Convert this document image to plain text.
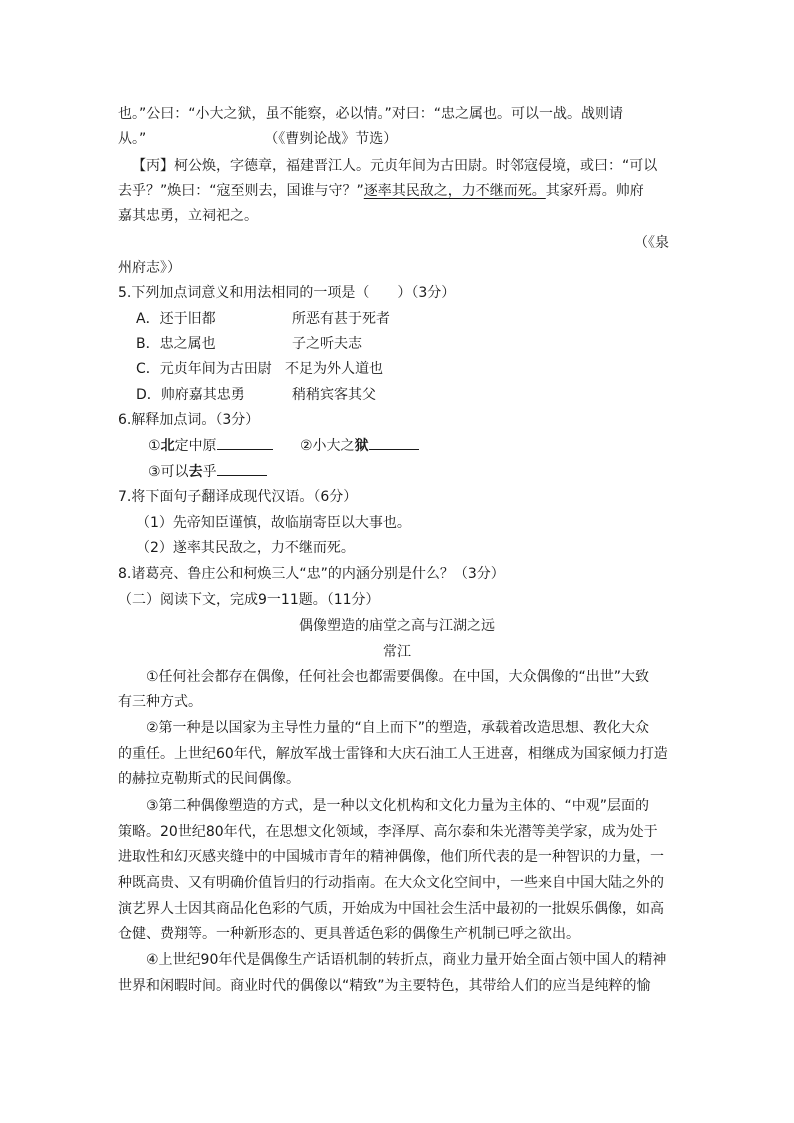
也。”公曰：“小大之狱，虽不能察，必以情。”对曰：“忠之属也。可以一战。战则请
从。”	（《曹刿论战》节选）
【丙】柯公焕，字德章，福建晋江人。元贞年间为古田尉。时邻寇侵境，或曰：“可以
去乎？”焕曰：“寇至则去，国谁与守？”逐率其民敌之，力不继而死。其家歼焉。帅府
嘉其忠勇，立祠祀之。
（《泉
州府志》）
5.下列加点词意义和用法相同的一项是（　　）（3分）
A．还于旧都	所恶有甚于死者
B．忠之属也	子之听夫志
C．元贞年间为古田尉 不足为外人道也
D．帅府嘉其忠勇	稍稍宾客其父
6.解释加点词。（3分）
①北定中原	②小大之狱
③可以去乎
7.将下面句子翻译成现代汉语。（6分）
（1）先帝知臣谨慎，故临崩寄臣以大事也。
（2）遂率其民敌之，力不继而死。
8.诸葛亮、鲁庄公和柯焕三人“忠”的内涵分别是什么？（3分）
（二）阅读下文，完成9一11题。（11分）
偶像塑造的庙堂之高与江湖之远
常江
①任何社会都存在偶像，任何社会也都需要偶像。在中国，大众偶像的“出世”大致
有三种方式。
②第一种是以国家为主导性力量的“自上而下”的塑造，承载着改造思想、教化大众
的重任。上世纪60年代，解放军战士雷锋和大庆石油工人王进喜，相继成为国家倾力打造
的赫拉克勒斯式的民间偶像。
③第二种偶像塑造的方式，是一种以文化机构和文化力量为主体的、“中观”层面的
策略。20世纪80年代，在思想文化领域，李泽厚、高尔泰和朱光潜等美学家，成为处于
进取性和幻灭感夹缝中的中国城市青年的精神偶像，他们所代表的是一种智识的力量，一
种既高贵、又有明确价值旨归的行动指南。在大众文化空间中，一些来自中国大陆之外的
演艺界人士因其商品化色彩的气质，开始成为中国社会生活中最初的一批娱乐偶像，如高
仓健、费翔等。一种新形态的、更具普适色彩的偶像生产机制已呼之欲出。
④上世纪90年代是偶像生产话语机制的转折点，商业力量开始全面占领中国人的精神
世界和闲暇时间。商业时代的偶像以“精致”为主要特色，其带给人们的应当是纯粹的愉
